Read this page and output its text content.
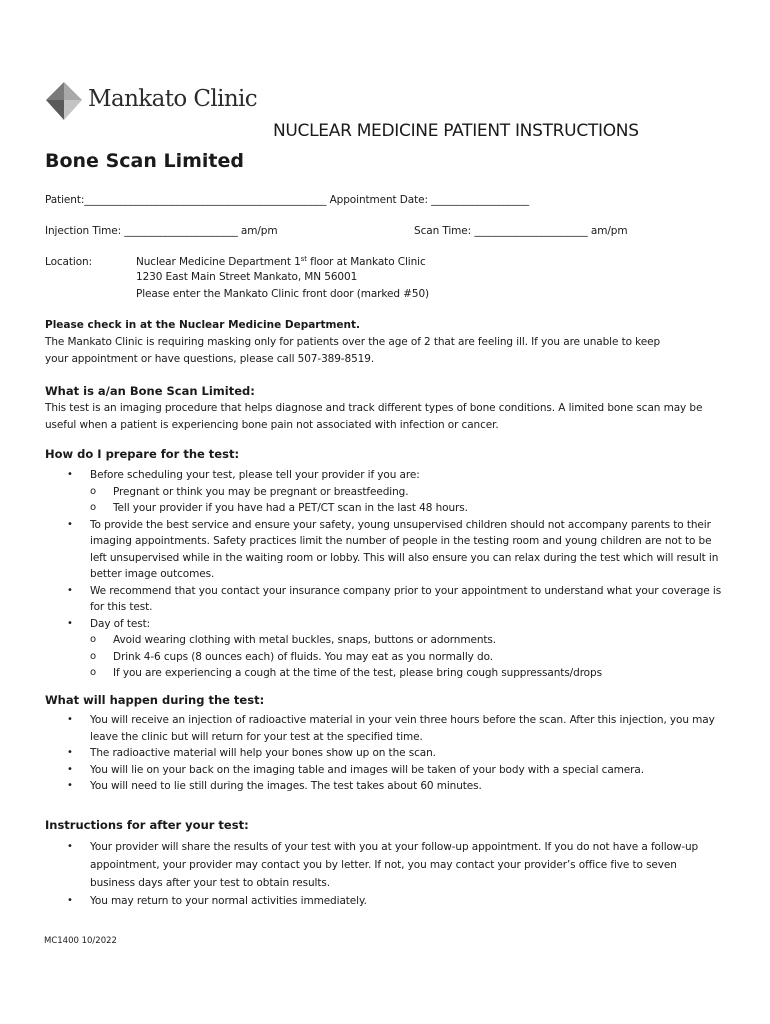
Mankato Clinic
NUCLEAR MEDICINE PATIENT INSTRUCTIONS
Bone Scan Limited
Patient:_______________________________________________ Appointment Date: ___________________
Injection Time: ______________________ am/pm	Scan Time: ______________________ am/pm
Location:	Nuclear Medicine Department 1st floor at Mankato Clinic
1230 East Main Street Mankato, MN 56001
Please enter the Mankato Clinic front door (marked #50)
Please check in at the Nuclear Medicine Department.
The Mankato Clinic is requiring masking only for patients over the age of 2 that are feeling ill. If you are unable to keep your appointment or have questions, please call 507-389-8519.
What is a/an Bone Scan Limited:
This test is an imaging procedure that helps diagnose and track different types of bone conditions. A limited bone scan may be useful when a patient is experiencing bone pain not associated with infection or cancer.
How do I prepare for the test:
• Before scheduling your test, please tell your provider if you are:
o Pregnant or think you may be pregnant or breastfeeding.
o Tell your provider if you have had a PET/CT scan in the last 48 hours.
• To provide the best service and ensure your safety, young unsupervised children should not accompany parents to their imaging appointments. Safety practices limit the number of people in the testing room and young children are not to be left unsupervised while in the waiting room or lobby. This will also ensure you can relax during the test which will result in better image outcomes.
• We recommend that you contact your insurance company prior to your appointment to understand what your coverage is for this test.
• Day of test:
o Avoid wearing clothing with metal buckles, snaps, buttons or adornments.
o Drink 4-6 cups (8 ounces each) of fluids. You may eat as you normally do.
o If you are experiencing a cough at the time of the test, please bring cough suppressants/drops
What will happen during the test:
• You will receive an injection of radioactive material in your vein three hours before the scan. After this injection, you may leave the clinic but will return for your test at the specified time.
• The radioactive material will help your bones show up on the scan.
• You will lie on your back on the imaging table and images will be taken of your body with a special camera.
• You will need to lie still during the images. The test takes about 60 minutes.
Instructions for after your test:
• Your provider will share the results of your test with you at your follow-up appointment. If you do not have a follow-up appointment, your provider may contact you by letter. If not, you may contact your provider’s office five to seven business days after your test to obtain results.
• You may return to your normal activities immediately.
MC1400 10/2022
